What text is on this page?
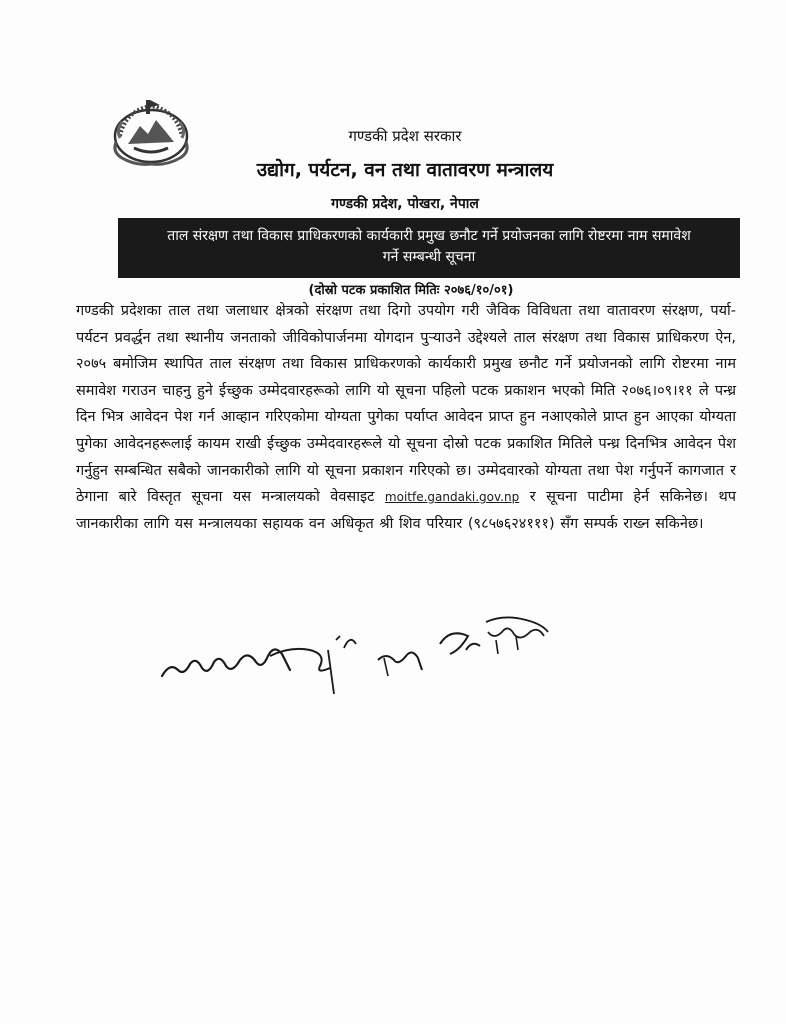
गण्डकी प्रदेश सरकार
उद्योग, पर्यटन, वन तथा वातावरण मन्त्रालय
गण्डकी प्रदेश, पोखरा, नेपाल
ताल संरक्षण तथा विकास प्राधिकरणको कार्यकारी प्रमुख छनौट गर्ने प्रयोजनका लागि रोष्टरमा नाम समावेश
गर्ने सम्बन्धी सूचना
(दोस्रो पटक प्रकाशित मितिः २०७६/१०/०१)
गण्डकी प्रदेशका ताल तथा जलाधार क्षेत्रको संरक्षण तथा दिगो उपयोग गरी जैविक विविधता तथा वातावरण संरक्षण, पर्या-पर्यटन प्रवर्द्धन तथा स्थानीय जनताको जीविकोपार्जनमा योगदान पुऱ्याउने उद्देश्यले ताल संरक्षण तथा विकास प्राधिकरण ऐन, २०७५ बमोजिम स्थापित ताल संरक्षण तथा विकास प्राधिकरणको कार्यकारी प्रमुख छनौट गर्ने प्रयोजनको लागि रोष्टरमा नाम समावेश गराउन चाहनु हुने ईच्छुक उम्मेदवारहरूको लागि यो सूचना पहिलो पटक प्रकाशन भएको मिति २०७६।०९।११ ले पन्ध्र दिन भित्र आवेदन पेश गर्न आव्हान गरिएकोमा योग्यता पुगेका पर्याप्त आवेदन प्राप्त हुन नआएकोले प्राप्त हुन आएका योग्यता पुगेका आवेदनहरूलाई कायम राखी ईच्छुक उम्मेदवारहरूले यो सूचना दोस्रो पटक प्रकाशित मितिले पन्ध्र दिनभित्र आवेदन पेश गर्नुहुन सम्बन्धित सबैको जानकारीको लागि यो सूचना प्रकाशन गरिएको छ। उम्मेदवारको योग्यता तथा पेश गर्नुपर्ने कागजात र ठेगाना बारे विस्तृत सूचना यस मन्त्रालयको वेवसाइट moitfe.gandaki.gov.np र सूचना पाटीमा हेर्न सकिनेछ। थप जानकारीका लागि यस मन्त्रालयका सहायक वन अधिकृत श्री शिव परियार (९८५७६२४१११) सँग सम्पर्क राख्न सकिनेछ।
